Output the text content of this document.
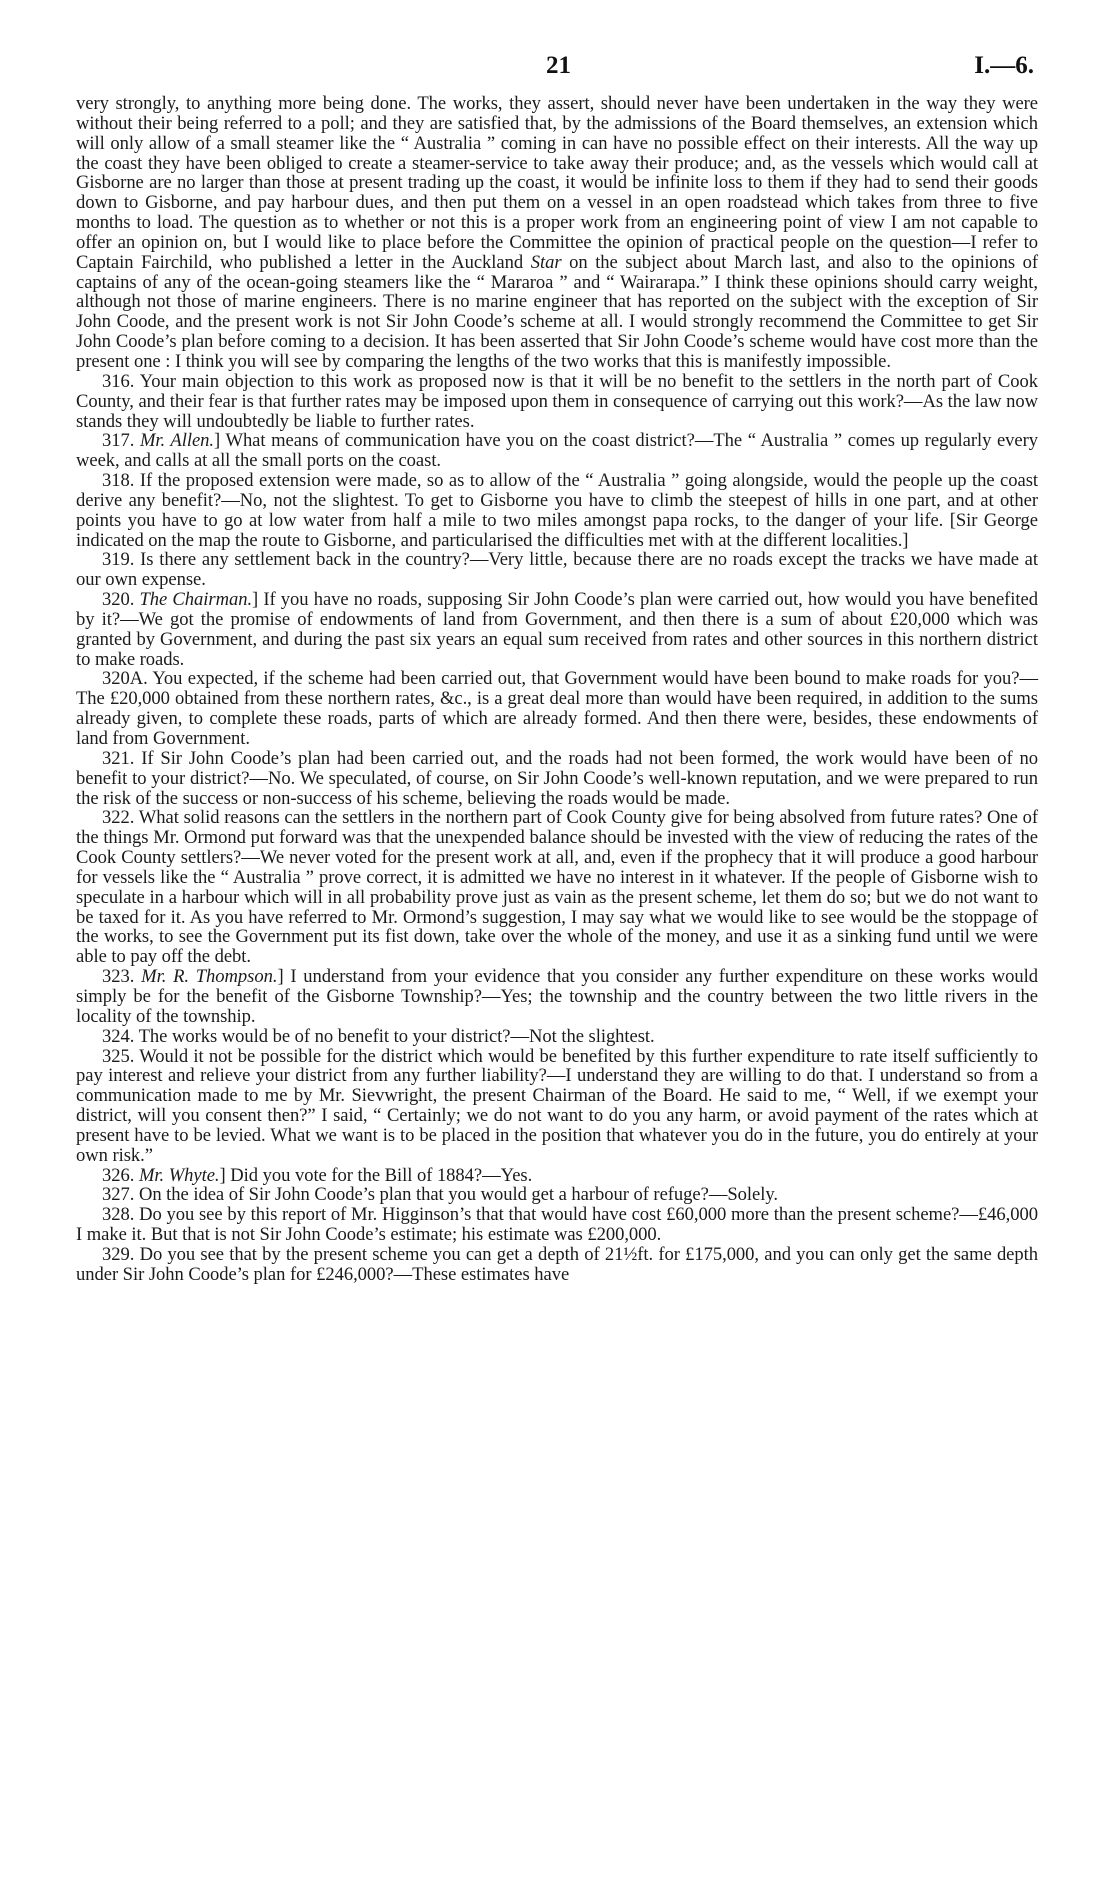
21	I.—6.

very strongly, to anything more being done. The works, they assert, should never have been undertaken in the way they were without their being referred to a poll; and they are satisfied that, by the admissions of the Board themselves, an extension which will only allow of a small steamer like the “ Australia ” coming in can have no possible effect on their interests. All the way up the coast they have been obliged to create a steamer-service to take away their produce; and, as the vessels which would call at Gisborne are no larger than those at present trading up the coast, it would be infinite loss to them if they had to send their goods down to Gisborne, and pay harbour dues, and then put them on a vessel in an open roadstead which takes from three to five months to load. The question as to whether or not this is a proper work from an engineering point of view I am not capable to offer an opinion on, but I would like to place before the Committee the opinion of practical people on the question—I refer to Captain Fairchild, who published a letter in the Auckland Star on the subject about March last, and also to the opinions of captains of any of the ocean-going steamers like the “ Mararoa ” and “ Wairarapa.” I think these opinions should carry weight, although not those of marine engineers. There is no marine engineer that has reported on the subject with the exception of Sir John Coode, and the present work is not Sir John Coode’s scheme at all. I would strongly recommend the Committee to get Sir John Coode’s plan before coming to a decision. It has been asserted that Sir John Coode’s scheme would have cost more than the present one : I think you will see by comparing the lengths of the two works that this is manifestly impossible.

316. Your main objection to this work as proposed now is that it will be no benefit to the settlers in the north part of Cook County, and their fear is that further rates may be imposed upon them in consequence of carrying out this work?—As the law now stands they will undoubtedly be liable to further rates.

317. Mr. Allen.] What means of communication have you on the coast district?—The “ Australia ” comes up regularly every week, and calls at all the small ports on the coast.

318. If the proposed extension were made, so as to allow of the “ Australia ” going alongside, would the people up the coast derive any benefit?—No, not the slightest. To get to Gisborne you have to climb the steepest of hills in one part, and at other points you have to go at low water from half a mile to two miles amongst papa rocks, to the danger of your life. [Sir George indicated on the map the route to Gisborne, and particularised the difficulties met with at the different localities.]

319. Is there any settlement back in the country?—Very little, because there are no roads except the tracks we have made at our own expense.

320. The Chairman.] If you have no roads, supposing Sir John Coode’s plan were carried out, how would you have benefited by it?—We got the promise of endowments of land from Government, and then there is a sum of about £20,000 which was granted by Government, and during the past six years an equal sum received from rates and other sources in this northern district to make roads.

320A. You expected, if the scheme had been carried out, that Government would have been bound to make roads for you?—The £20,000 obtained from these northern rates, &c., is a great deal more than would have been required, in addition to the sums already given, to complete these roads, parts of which are already formed. And then there were, besides, these endowments of land from Government.

321. If Sir John Coode’s plan had been carried out, and the roads had not been formed, the work would have been of no benefit to your district?—No. We speculated, of course, on Sir John Coode’s well-known reputation, and we were prepared to run the risk of the success or non-success of his scheme, believing the roads would be made.

322. What solid reasons can the settlers in the northern part of Cook County give for being absolved from future rates? One of the things Mr. Ormond put forward was that the unexpended balance should be invested with the view of reducing the rates of the Cook County settlers?—We never voted for the present work at all, and, even if the prophecy that it will produce a good harbour for vessels like the “ Australia ” prove correct, it is admitted we have no interest in it whatever. If the people of Gisborne wish to speculate in a harbour which will in all probability prove just as vain as the present scheme, let them do so; but we do not want to be taxed for it. As you have referred to Mr. Ormond’s suggestion, I may say what we would like to see would be the stoppage of the works, to see the Government put its fist down, take over the whole of the money, and use it as a sinking fund until we were able to pay off the debt.

323. Mr. R. Thompson.] I understand from your evidence that you consider any further expenditure on these works would simply be for the benefit of the Gisborne Township?—Yes; the township and the country between the two little rivers in the locality of the township.

324. The works would be of no benefit to your district?—Not the slightest.

325. Would it not be possible for the district which would be benefited by this further expenditure to rate itself sufficiently to pay interest and relieve your district from any further liability?—I understand they are willing to do that. I understand so from a communication made to me by Mr. Sievwright, the present Chairman of the Board. He said to me, “ Well, if we exempt your district, will you consent then?” I said, “ Certainly; we do not want to do you any harm, or avoid payment of the rates which at present have to be levied. What we want is to be placed in the position that whatever you do in the future, you do entirely at your own risk.”

326. Mr. Whyte.] Did you vote for the Bill of 1884?—Yes.

327. On the idea of Sir John Coode’s plan that you would get a harbour of refuge?—Solely.

328. Do you see by this report of Mr. Higginson’s that that would have cost £60,000 more than the present scheme?—£46,000 I make it. But that is not Sir John Coode’s estimate; his estimate was £200,000.

329. Do you see that by the present scheme you can get a depth of 21½ft. for £175,000, and you can only get the same depth under Sir John Coode’s plan for £246,000?—These estimates have
